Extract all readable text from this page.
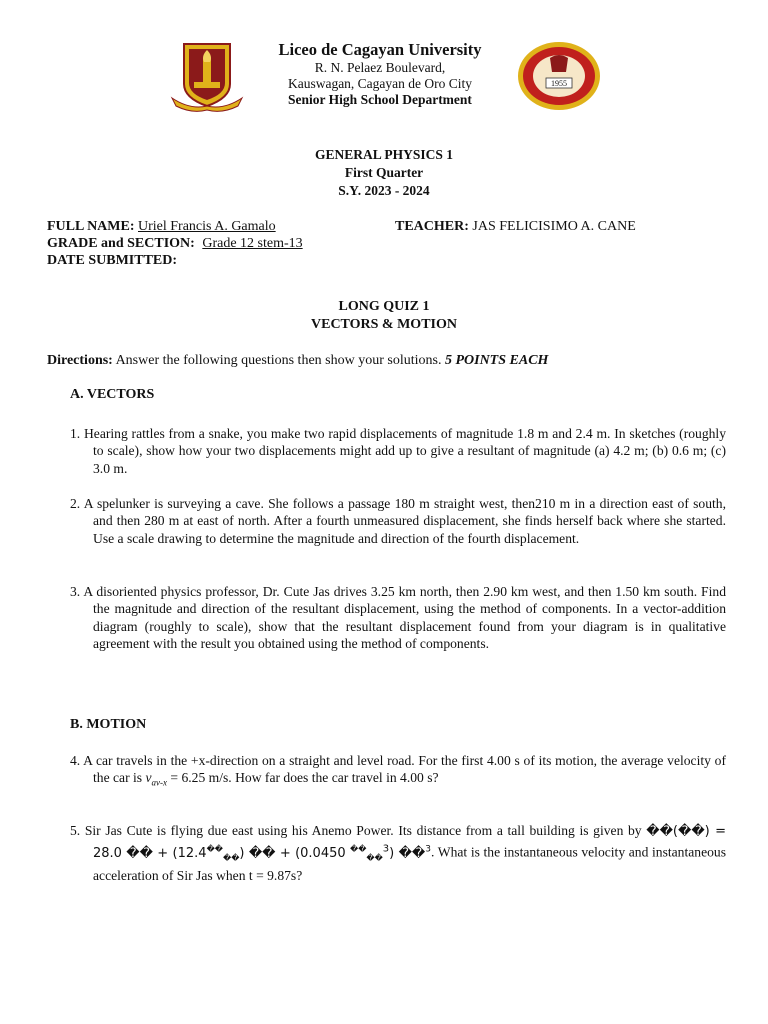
1955
Liceo de Cagayan University
R. N. Pelaez Boulevard,
Kauswagan, Cagayan de Oro City
Senior High School Department
GENERAL PHYSICS 1
First Quarter
S.Y. 2023 - 2024
FULL NAME: Uriel Francis A. Gamalo	TEACHER: JAS FELICISIMO A. CANE
GRADE and SECTION: Grade 12 stem-13
DATE SUBMITTED:
LONG QUIZ 1
VECTORS & MOTION
Directions: Answer the following questions then show your solutions. 5 POINTS EACH
A. VECTORS
1. Hearing rattles from a snake, you make two rapid displacements of magnitude 1.8 m and 2.4 m. In sketches (roughly to scale), show how your two displacements might add up to give a resultant of magnitude (a) 4.2 m; (b) 0.6 m; (c) 3.0 m.
2. A spelunker is surveying a cave. She follows a passage 180 m straight west, then210 m in a direction east of south, and then 280 m at east of north. After a fourth unmeasured displacement, she finds herself back where she started. Use a scale drawing to determine the magnitude and direction of the fourth displacement.
3. A disoriented physics professor, Dr. Cute Jas drives 3.25 km north, then 2.90 km west, and then 1.50 km south. Find the magnitude and direction of the resultant displacement, using the method of components. In a vector-addition diagram (roughly to scale), show that the resultant displacement found from your diagram is in qualitative agreement with the result you obtained using the method of components.
B. MOTION
4. A car travels in the +x-direction on a straight and level road. For the first 4.00 s of its motion, the average velocity of the car is $v_{av-x} = 6.25$ m/s. How far does the car travel in 4.00 s?
5. Sir Jas Cute is flying due east using his Anemo Power. Its distance from a tall building is given by ��(��) = 28.0 �� + $(12.4^{��}_{��})$ �� + (0.0450 ��$_{��}^3$) ��$^3$. What is the instantaneous velocity and instantaneous acceleration of Sir Jas when t = 9.87s?
